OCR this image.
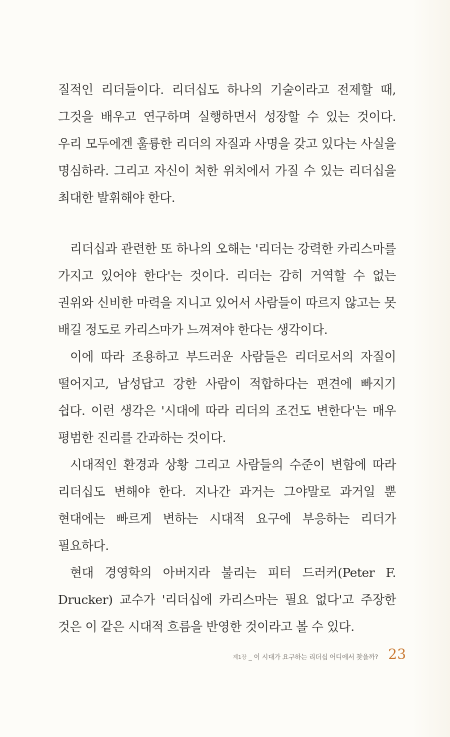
질적인 리더들이다. 리더십도 하나의 기술이라고 전제할 때, 그것을 배우고 연구하며 실행하면서 성장할 수 있는 것이다. 우리 모두에겐 훌륭한 리더의 자질과 사명을 갖고 있다는 사실을 명심하라. 그리고 자신이 처한 위치에서 가질 수 있는 리더십을 최대한 발휘해야 한다.

리더십과 관련한 또 하나의 오해는 '리더는 강력한 카리스마를 가지고 있어야 한다'는 것이다. 리더는 감히 거역할 수 없는 권위와 신비한 마력을 지니고 있어서 사람들이 따르지 않고는 못 배길 정도로 카리스마가 느껴져야 한다는 생각이다.

이에 따라 조용하고 부드러운 사람들은 리더로서의 자질이 떨어지고, 남성답고 강한 사람이 적합하다는 편견에 빠지기 쉽다. 이런 생각은 '시대에 따라 리더의 조건도 변한다'는 매우 평범한 진리를 간과하는 것이다.

시대적인 환경과 상황 그리고 사람들의 수준이 변함에 따라 리더십도 변해야 한다. 지나간 과거는 그야말로 과거일 뿐 현대에는 빠르게 변하는 시대적 요구에 부응하는 리더가 필요하다.

현대 경영학의 아버지라 불리는 피터 드러커(Peter F. Drucker) 교수가 '리더십에 카리스마는 필요 없다'고 주장한 것은 이 같은 시대적 흐름을 반영한 것이라고 볼 수 있다.

제1장 _ 이 시대가 요구하는 리더십 어디에서 찾을까? 23
